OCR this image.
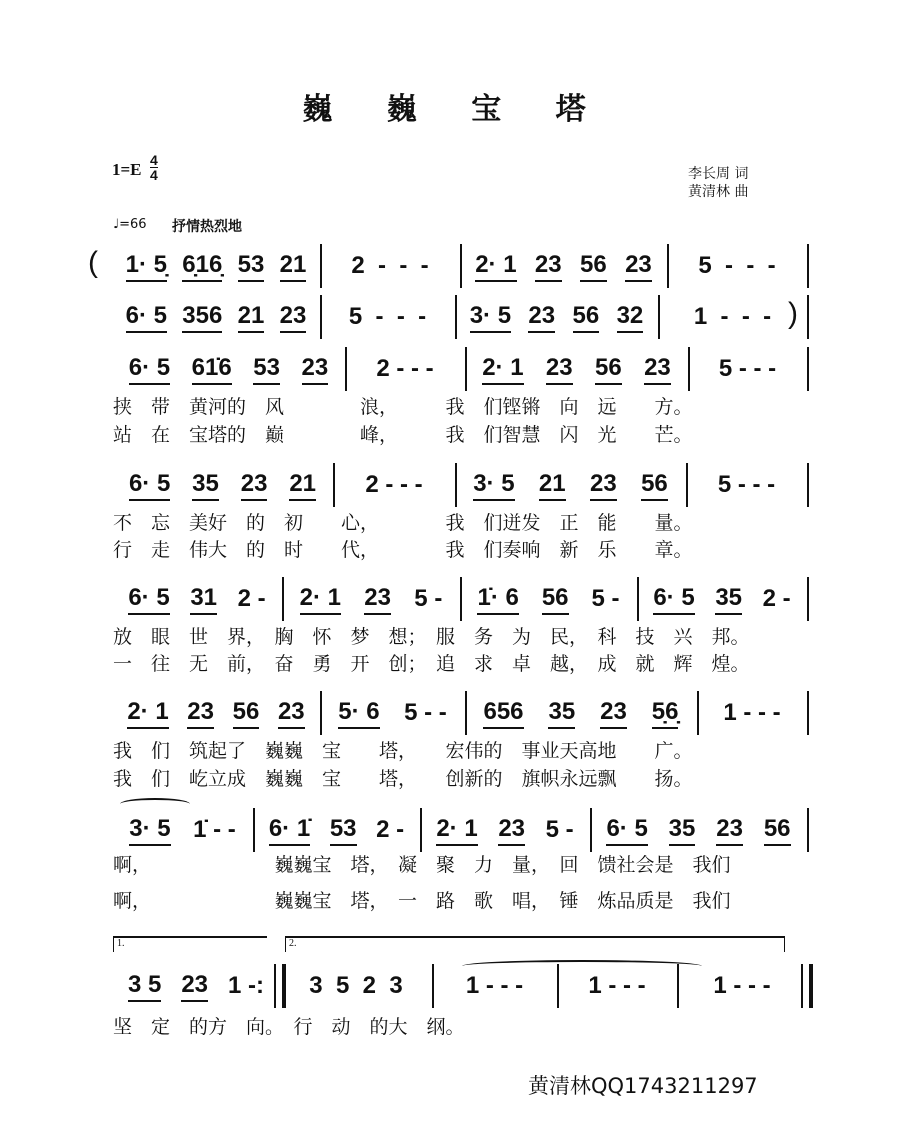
巍 巍 宝 塔
$1=E \frac{4}{4}$	李长周 词
黄清林 曲
♩=66 抒情热烈地
1.	2.
黄清林QQ1743211297
1· 5̣ 6̣16̣ 53 21 2  -  -  - 2· 1 23 56 23 5  -  -  -
(
6· 5 356 21 23 5  -  -  - 3· 5 23 56 32 1  -  -  - )
6· 5 61̇6 53 23 2 - - - 2· 1 23 56 23 5 - - -
挟　带　黄河的　风　　　　浪，　　　我　们铿锵　向　远　　方。
站　在　宝塔的　巅　　　　峰，　　　我　们智慧　闪　光　　芒。
6· 5 35 23 21 2 - - - 3· 5 21 23 56 5 - - -
不　忘　美好　的　初　　心，　　　　我　们迸发　正　能　　量。
行　走　伟大　的　时　　代，　　　　我　们奏响　新　乐　　章。
6· 5 31 2 - 2· 1 23 5 - 1̇· 6 56 5 - 6· 5 35 2 -
放　眼　世　界，　胸　怀　梦　想；　服　务　为　民，　科　技　兴　邦。
一　往　无　前，　奋　勇　开　创；　追　求　卓　越，　成　就　辉　煌。
2· 1 23 56 23 5· 6 5 - - 656 35 23 5̣6̣ 1 - - -
我　们　筑起了　巍巍　宝　　塔，　　宏伟的　事业天高地　　广。
我　们　屹立成　巍巍　宝　　塔，　　创新的　旗帜永远飘　　扬。
3· 5 1̇ - - 6· 1̇ 53 2 - 2· 1 23 5 - 6· 5 35 23 56
啊，　　　　　　　巍巍宝　塔，　凝　聚　力　量，　回　馈社会是　我们
啊，　　　　　　　巍巍宝　塔，　一　路　歌　唱，　锤　炼品质是　我们
3 5 23 1 -: 3  5  2  3	1 - - -	1 - - -	1 - - -
坚　定　的方　向。　行　动　的大　纲。
